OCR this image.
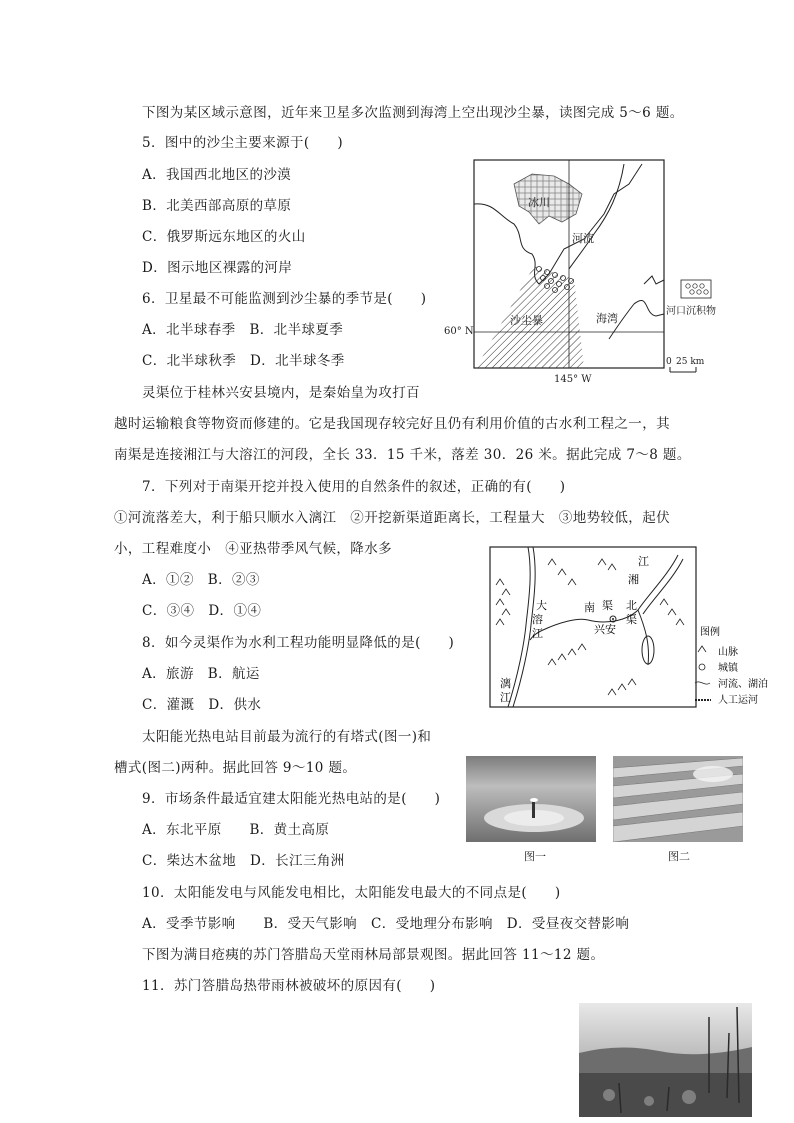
下图为某区域示意图，近年来卫星多次监测到海湾上空出现沙尘暴，读图完成 5～6 题。
5．图中的沙尘主要来源于(　　)
A．我国西北地区的沙漠
B．北美西部高原的草原
C．俄罗斯远东地区的火山
D．图示地区裸露的河岸
6．卫星最不可能监测到沙尘暴的季节是(　　)
A．北半球春季　B．北半球夏季
C．北半球秋季　D．北半球冬季
灵渠位于桂林兴安县境内，是秦始皇为攻打百
越时运输粮食等物资而修建的。它是我国现存较完好且仍有利用价值的古水利工程之一，其
南渠是连接湘江与大溶江的河段，全长 33．15 千米，落差 30．26 米。据此完成 7～8 题。
7．下列对于南渠开挖并投入使用的自然条件的叙述，正确的有(　　)
①河流落差大，利于船只顺水入漓江　②开挖新渠道距离长，工程量大　③地势较低，起伏
小，工程难度小　④亚热带季风气候，降水多
A．①②　B．②③
C．③④　D．①④
8．如今灵渠作为水利工程功能明显降低的是(　　)
A．旅游　B．航运
C．灌溉　D．供水
太阳能光热电站目前最为流行的有塔式(图一)和
槽式(图二)两种。据此回答 9～10 题。
9．市场条件最适宜建太阳能光热电站的是(　　)
A．东北平原　　B．黄土高原
C．柴达木盆地　D．长江三角洲
10．太阳能发电与风能发电相比，太阳能发电最大的不同点是(　　)
A．受季节影响　　B．受天气影响　C．受地理分布影响　D．受昼夜交替影响
下图为满目疮痍的苏门答腊岛天堂雨林局部景观图。据此回答 11～12 题。
11．苏门答腊岛热带雨林被破坏的原因有(　　)
冰川
河流
沙尘暴	海湾
60° N
145° W
河口沉积物
0 25 km
江
湘
大
溶
江
南 渠 北
渠
兴安
漓
江
图例
山脉
城镇
河流、湖泊
人工运河
图一	图二
